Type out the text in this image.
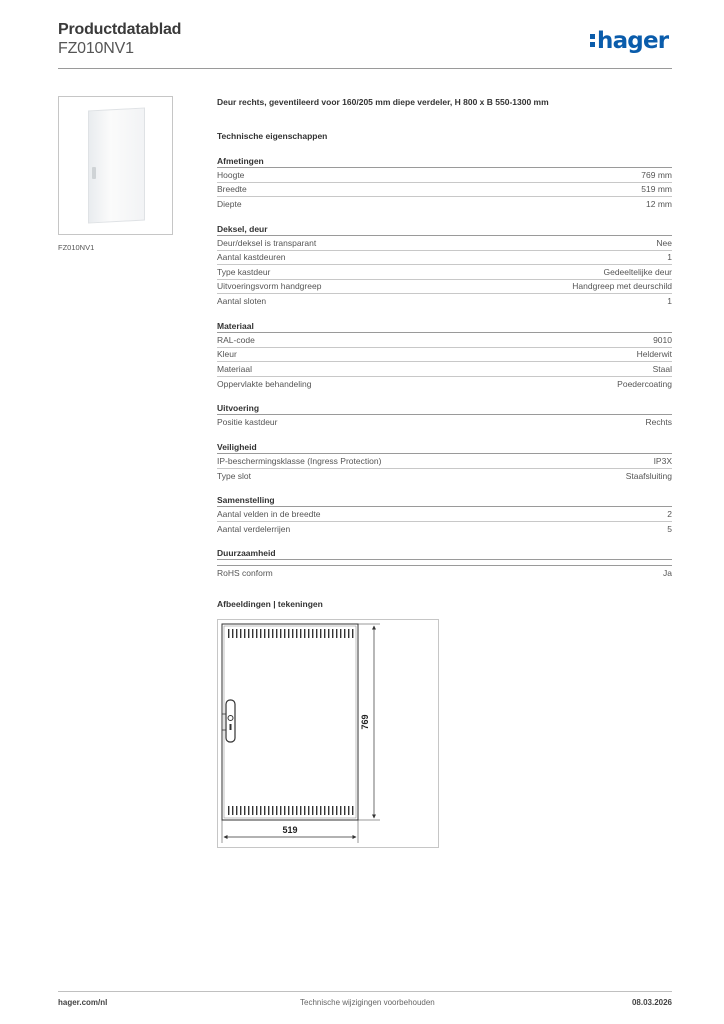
Productdatablad
FZ010NV1	hager
FZ010NV1
Deur rechts, geventileerd voor 160/205 mm diepe verdeler, H 800 x B 550-1300 mm
Technische eigenschappen
Afmetingen
Hoogte	769 mm
Breedte	519 mm
Diepte	12 mm
Deksel, deur
Deur/deksel is transparant	Nee
Aantal kastdeuren	1
Type kastdeur	Gedeeltelijke deur
Uitvoeringsvorm handgreep	Handgreep met deurschild
Aantal sloten	1
Materiaal
RAL-code	9010
Kleur	Helderwit
Materiaal	Staal
Oppervlakte behandeling	Poedercoating
Uitvoering
Positie kastdeur	Rechts
Veiligheid
IP-beschermingsklasse (Ingress Protection)	IP3X
Type slot	Staafsluiting
Samenstelling
Aantal velden in de breedte	2
Aantal verdelerrijen	5
Duurzaamheid
RoHS conform	Ja
Afbeeldingen | tekeningen
769
519
hager.com/nl	Technische wijzigingen voorbehouden	08.03.2026
